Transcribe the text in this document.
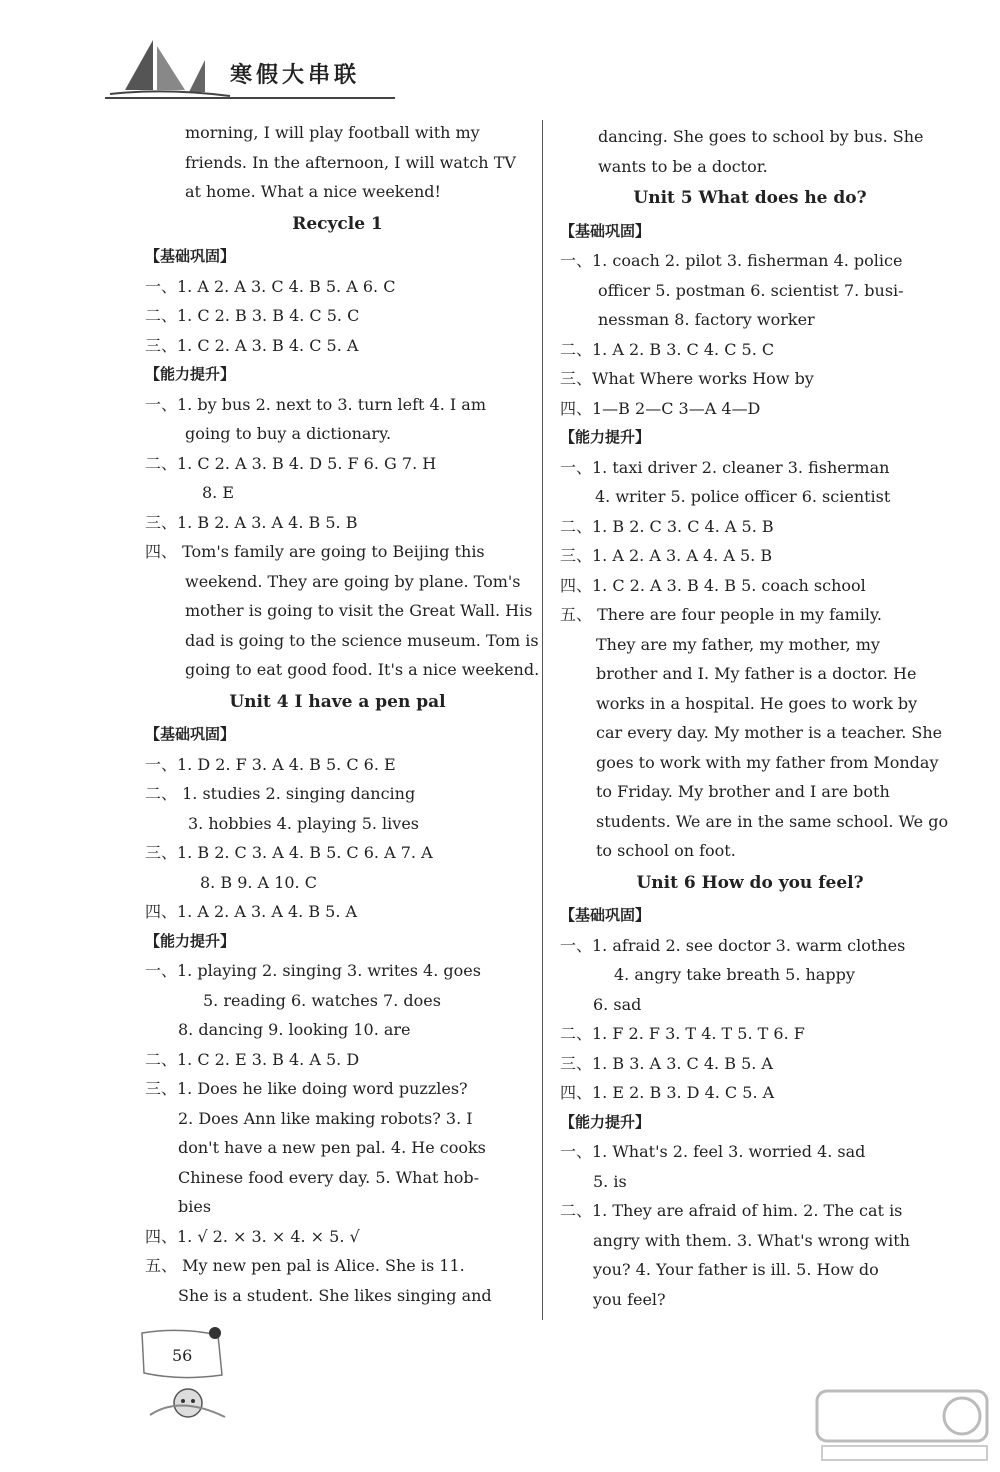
寒假大串联
morning, I will play football with my
friends. In the afternoon, I will watch TV
at home. What a nice weekend!
Recycle 1
【基础巩固】
一、1. A 2. A 3. C 4. B 5. A 6. C
二、1. C 2. B 3. B 4. C 5. C
三、1. C 2. A 3. B 4. C 5. A
【能力提升】
一、1. by bus 2. next to 3. turn left 4. I am
going to buy a dictionary.
二、1. C 2. A 3. B 4. D 5. F 6. G 7. H
8. E
三、1. B 2. A 3. A 4. B 5. B
四、 Tom's family are going to Beijing this
weekend. They are going by plane. Tom's
mother is going to visit the Great Wall. His
dad is going to the science museum. Tom is
going to eat good food. It's a nice weekend.
Unit 4 I have a pen pal
【基础巩固】
一、1. D 2. F 3. A 4. B 5. C 6. E
二、 1. studies 2. singing dancing
3. hobbies 4. playing 5. lives
三、1. B 2. C 3. A 4. B 5. C 6. A 7. A
8. B 9. A 10. C
四、1. A 2. A 3. A 4. B 5. A
【能力提升】
一、1. playing 2. singing 3. writes 4. goes
5. reading 6. watches 7. does
8. dancing 9. looking 10. are
二、1. C 2. E 3. B 4. A 5. D
三、1. Does he like doing word puzzles?
2. Does Ann like making robots? 3. I
don't have a new pen pal. 4. He cooks
Chinese food every day. 5. What hob-
bies
四、1. √ 2. × 3. × 4. × 5. √
五、 My new pen pal is Alice. She is 11.
She is a student. She likes singing and
dancing. She goes to school by bus. She
wants to be a doctor.
Unit 5 What does he do?
【基础巩固】
一、1. coach 2. pilot 3. fisherman 4. police
officer 5. postman 6. scientist 7. busi-
nessman 8. factory worker
二、1. A 2. B 3. C 4. C 5. C
三、What Where works How by
四、1—B 2—C 3—A 4—D
【能力提升】
一、1. taxi driver 2. cleaner 3. fisherman
4. writer 5. police officer 6. scientist
二、1. B 2. C 3. C 4. A 5. B
三、1. A 2. A 3. A 4. A 5. B
四、1. C 2. A 3. B 4. B 5. coach school
五、 There are four people in my family.
They are my father, my mother, my
brother and I. My father is a doctor. He
works in a hospital. He goes to work by
car every day. My mother is a teacher. She
goes to work with my father from Monday
to Friday. My brother and I are both
students. We are in the same school. We go
to school on foot.
Unit 6 How do you feel?
【基础巩固】
一、1. afraid 2. see doctor 3. warm clothes
4. angry take breath 5. happy
6. sad
二、1. F 2. F 3. T 4. T 5. T 6. F
三、1. B 3. A 3. C 4. B 5. A
四、1. E 2. B 3. D 4. C 5. A
【能力提升】
一、1. What's 2. feel 3. worried 4. sad
5. is
二、1. They are afraid of him. 2. The cat is
angry with them. 3. What's wrong with
you? 4. Your father is ill. 5. How do
you feel?
56
